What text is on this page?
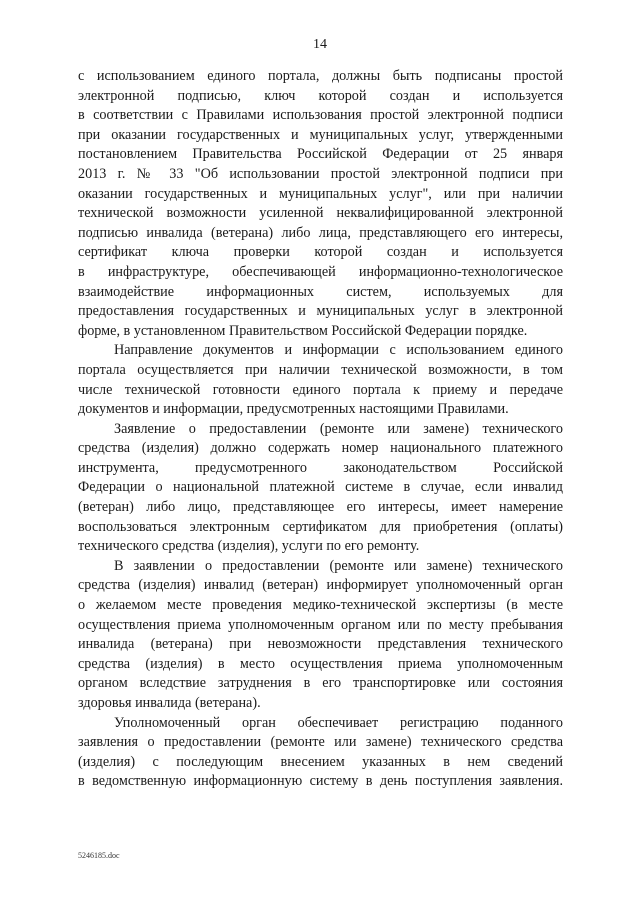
14
с использованием единого портала, должны быть подписаны простой
электронной подписью, ключ которой создан и используется
в соответствии с Правилами использования простой электронной подписи
при оказании государственных и муниципальных услуг, утвержденными
постановлением Правительства Российской Федерации от 25 января
2013 г. № 33 "Об использовании простой электронной подписи при
оказании государственных и муниципальных услуг", или при наличии
технической возможности усиленной неквалифицированной электронной
подписью инвалида (ветерана) либо лица, представляющего его интересы,
сертификат ключа проверки которой создан и используется
в инфраструктуре, обеспечивающей информационно-технологическое
взаимодействие информационных систем, используемых для
предоставления государственных и муниципальных услуг в электронной
форме, в установленном Правительством Российской Федерации порядке.
Направление документов и информации с использованием единого
портала осуществляется при наличии технической возможности, в том
числе технической готовности единого портала к приему и передаче
документов и информации, предусмотренных настоящими Правилами.
Заявление о предоставлении (ремонте или замене) технического
средства (изделия) должно содержать номер национального платежного
инструмента, предусмотренного законодательством Российской
Федерации о национальной платежной системе в случае, если инвалид
(ветеран) либо лицо, представляющее его интересы, имеет намерение
воспользоваться электронным сертификатом для приобретения (оплаты)
технического средства (изделия), услуги по его ремонту.
В заявлении о предоставлении (ремонте или замене) технического
средства (изделия) инвалид (ветеран) информирует уполномоченный орган
о желаемом месте проведения медико-технической экспертизы (в месте
осуществления приема уполномоченным органом или по месту пребывания
инвалида (ветерана) при невозможности представления технического
средства (изделия) в место осуществления приема уполномоченным
органом вследствие затруднения в его транспортировке или состояния
здоровья инвалида (ветерана).
Уполномоченный орган обеспечивает регистрацию поданного
заявления о предоставлении (ремонте или замене) технического средства
(изделия) с последующим внесением указанных в нем сведений
в ведомственную информационную систему в день поступления заявления.
5246185.doc
